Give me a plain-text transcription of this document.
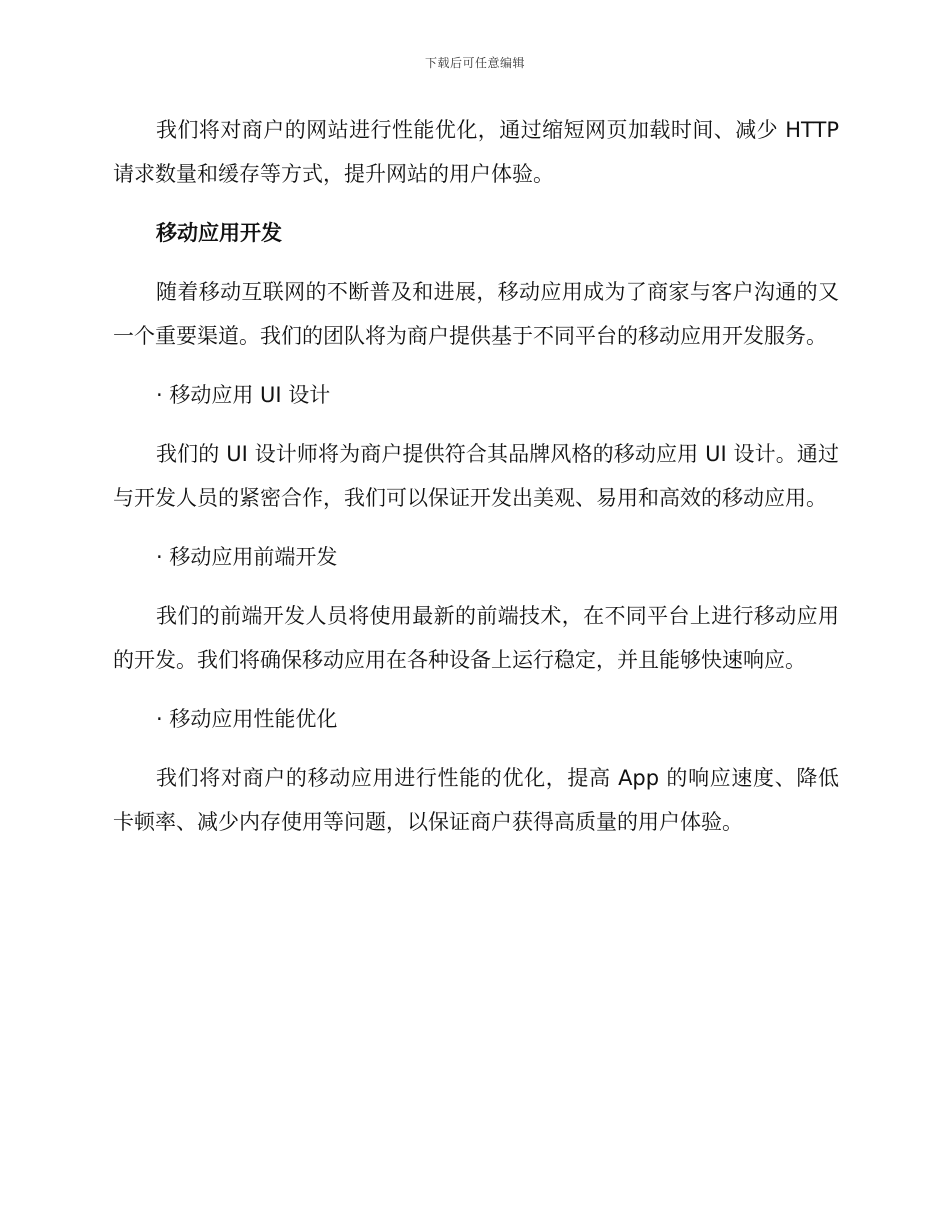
下载后可任意编辑

我们将对商户的网站进行性能优化，通过缩短网页加载时间、减少 HTTP 请求数量和缓存等方式，提升网站的用户体验。

移动应用开发

随着移动互联网的不断普及和进展，移动应用成为了商家与客户沟通的又一个重要渠道。我们的团队将为商户提供基于不同平台的移动应用开发服务。

· 移动应用 UI 设计

我们的 UI 设计师将为商户提供符合其品牌风格的移动应用 UI 设计。通过与开发人员的紧密合作，我们可以保证开发出美观、易用和高效的移动应用。

· 移动应用前端开发

我们的前端开发人员将使用最新的前端技术，在不同平台上进行移动应用的开发。我们将确保移动应用在各种设备上运行稳定，并且能够快速响应。

· 移动应用性能优化

我们将对商户的移动应用进行性能的优化，提高 App 的响应速度、降低卡顿率、减少内存使用等问题，以保证商户获得高质量的用户体验。
